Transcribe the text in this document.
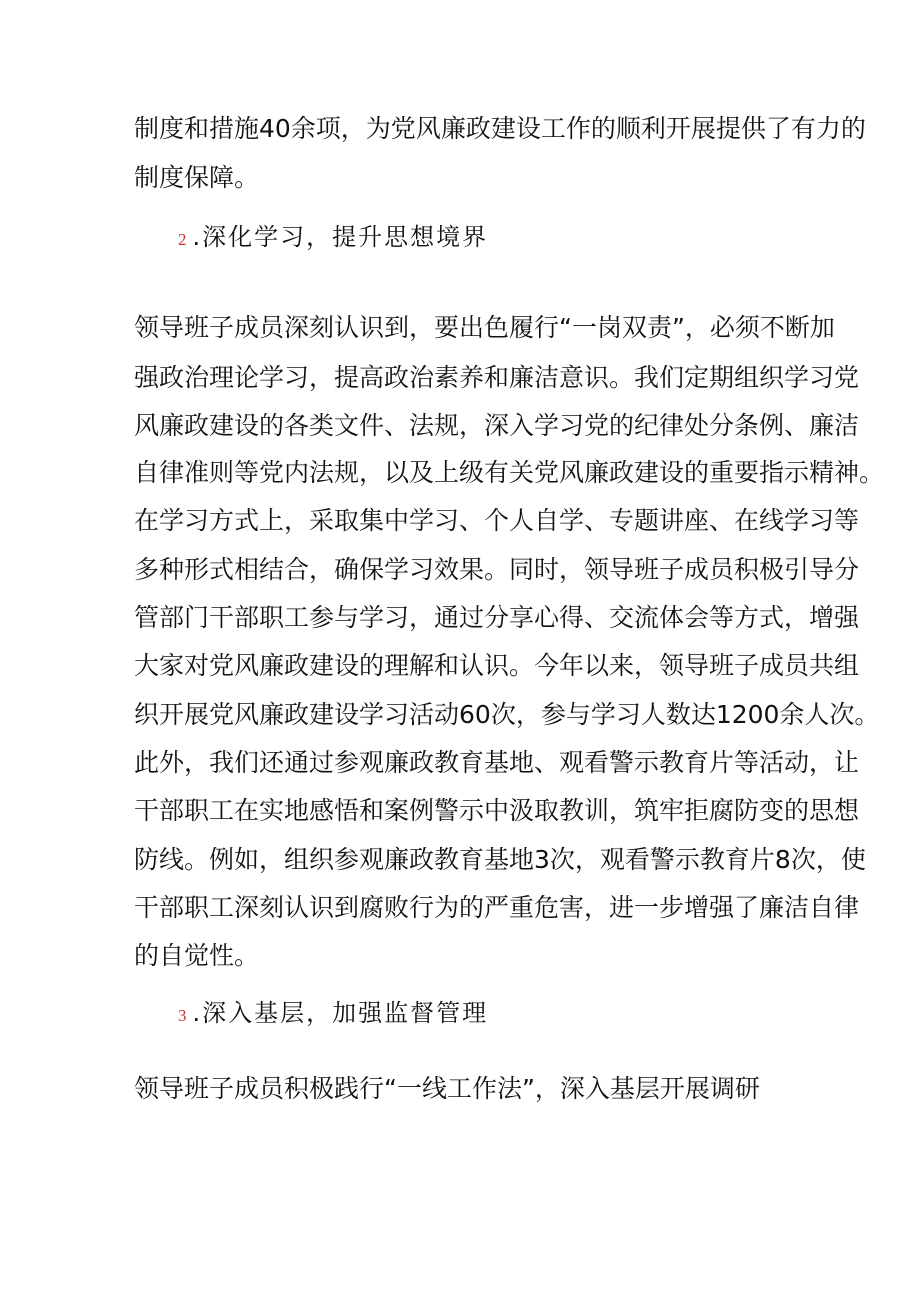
制度和措施40余项，为党风廉政建设工作的顺利开展提供了有力的
制度保障。
2 .深化学习，提升思想境界
领导班子成员深刻认识到，要出色履行“一岗双责”，必须不断加
强政治理论学习，提高政治素养和廉洁意识。我们定期组织学习党
风廉政建设的各类文件、法规，深入学习党的纪律处分条例、廉洁
自律准则等党内法规，以及上级有关党风廉政建设的重要指示精神。
在学习方式上，采取集中学习、个人自学、专题讲座、在线学习等
多种形式相结合，确保学习效果。同时，领导班子成员积极引导分
管部门干部职工参与学习，通过分享心得、交流体会等方式，增强
大家对党风廉政建设的理解和认识。今年以来，领导班子成员共组
织开展党风廉政建设学习活动60次，参与学习人数达1200余人次。
此外，我们还通过参观廉政教育基地、观看警示教育片等活动，让
干部职工在实地感悟和案例警示中汲取教训，筑牢拒腐防变的思想
防线。例如，组织参观廉政教育基地3次，观看警示教育片8次，使
干部职工深刻认识到腐败行为的严重危害，进一步增强了廉洁自律
的自觉性。
3 .深入基层，加强监督管理
领导班子成员积极践行“一线工作法”，深入基层开展调研
